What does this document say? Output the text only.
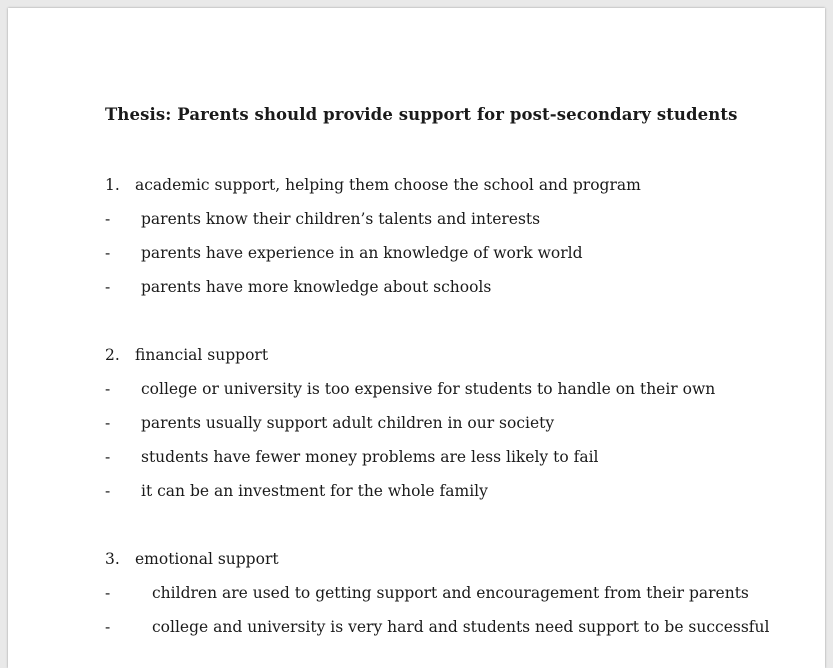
Thesis: Parents should provide support for post-secondary students
1. academic support, helping them choose the school and program
- parents know their children’s talents and interests
- parents have experience in an knowledge of work world
- parents have more knowledge about schools
2. financial support
- college or university is too expensive for students to handle on their own
- parents usually support adult children in our society
- students have fewer money problems are less likely to fail
- it can be an investment for the whole family
3. emotional support
-	children are used to getting support and encouragement from their parents
-	college and university is very hard and students need support to be successful
